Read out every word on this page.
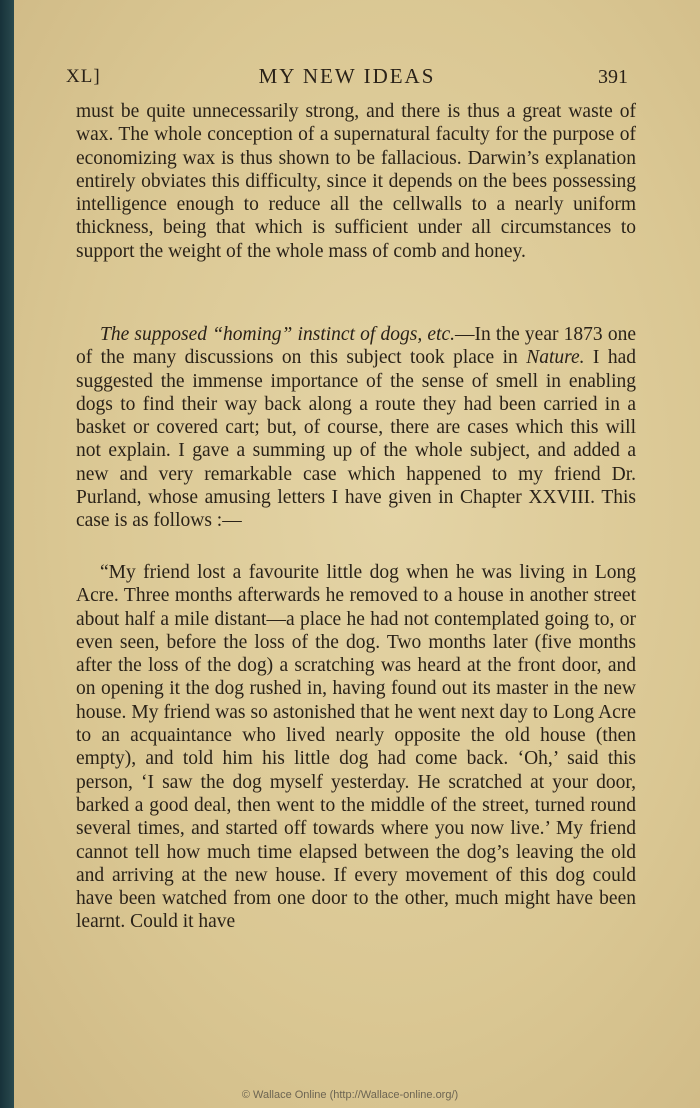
XL]	MY NEW IDEAS	391
must be quite unnecessarily strong, and there is thus a great waste of wax. The whole conception of a supernatural faculty for the purpose of economizing wax is thus shown to be fallacious. Darwin’s explanation entirely obviates this difficulty, since it depends on the bees possessing intelligence enough to reduce all the cellwalls to a nearly uniform thickness, being that which is sufficient under all circumstances to support the weight of the whole mass of comb and honey.
The supposed “homing” instinct of dogs, etc.—In the year 1873 one of the many discussions on this subject took place in Nature. I had suggested the immense importance of the sense of smell in enabling dogs to find their way back along a route they had been carried in a basket or covered cart; but, of course, there are cases which this will not explain. I gave a summing up of the whole subject, and added a new and very remarkable case which happened to my friend Dr. Purland, whose amusing letters I have given in Chapter XXVIII. This case is as follows :—
“My friend lost a favourite little dog when he was living in Long Acre. Three months afterwards he removed to a house in another street about half a mile distant—a place he had not contemplated going to, or even seen, before the loss of the dog. Two months later (five months after the loss of the dog) a scratching was heard at the front door, and on opening it the dog rushed in, having found out its master in the new house. My friend was so astonished that he went next day to Long Acre to an acquaintance who lived nearly opposite the old house (then empty), and told him his little dog had come back. ‘Oh,’ said this person, ‘I saw the dog myself yesterday. He scratched at your door, barked a good deal, then went to the middle of the street, turned round several times, and started off towards where you now live.’ My friend cannot tell how much time elapsed between the dog’s leaving the old and arriving at the new house. If every movement of this dog could have been watched from one door to the other, much might have been learnt. Could it have
© Wallace Online (http://Wallace-online.org/)
